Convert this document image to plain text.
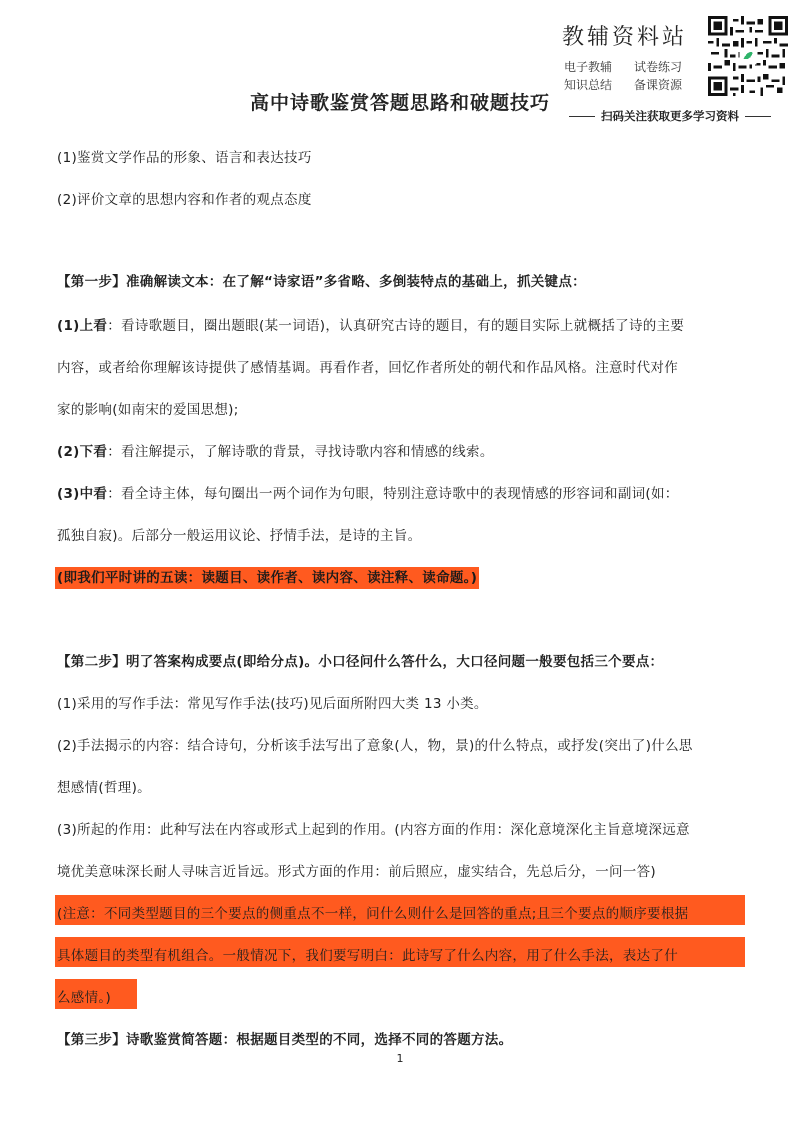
教辅资料站
电子教辅 试卷练习 知识总结 备课资源
扫码关注获取更多学习资料
高中诗歌鉴赏答题思路和破题技巧
(1)鉴赏文学作品的形象、语言和表达技巧
(2)评价文章的思想内容和作者的观点态度
【第一步】准确解读文本：在了解“诗家语”多省略、多倒装特点的基础上，抓关键点：
(1)上看：看诗歌题目，圈出题眼(某一词语)，认真研究古诗的题目，有的题目实际上就概括了诗的主要
内容，或者给你理解该诗提供了感情基调。再看作者，回忆作者所处的朝代和作品风格。注意时代对作
家的影响(如南宋的爱国思想);
(2)下看：看注解提示，了解诗歌的背景，寻找诗歌内容和情感的线索。
(3)中看：看全诗主体，每句圈出一两个词作为句眼，特别注意诗歌中的表现情感的形容词和副词(如：
孤独自寂)。后部分一般运用议论、抒情手法，是诗的主旨。
(即我们平时讲的五读：读题目、读作者、读内容、读注释、读命题。)
【第二步】明了答案构成要点(即给分点)。小口径问什么答什么，大口径问题一般要包括三个要点：
(1)采用的写作手法：常见写作手法(技巧)见后面所附四大类 13 小类。
(2)手法揭示的内容：结合诗句，分析该手法写出了意象(人，物，景)的什么特点，或抒发(突出了)什么思
想感情(哲理)。
(3)所起的作用：此种写法在内容或形式上起到的作用。(内容方面的作用：深化意境深化主旨意境深远意
境优美意味深长耐人寻味言近旨远。形式方面的作用：前后照应，虚实结合，先总后分，一问一答)
(注意：不同类型题目的三个要点的侧重点不一样，问什么则什么是回答的重点;且三个要点的顺序要根据
具体题目的类型有机组合。一般情况下，我们要写明白：此诗写了什么内容，用了什么手法，表达了什
么感情。)
【第三步】诗歌鉴赏简答题：根据题目类型的不同，选择不同的答题方法。
1
